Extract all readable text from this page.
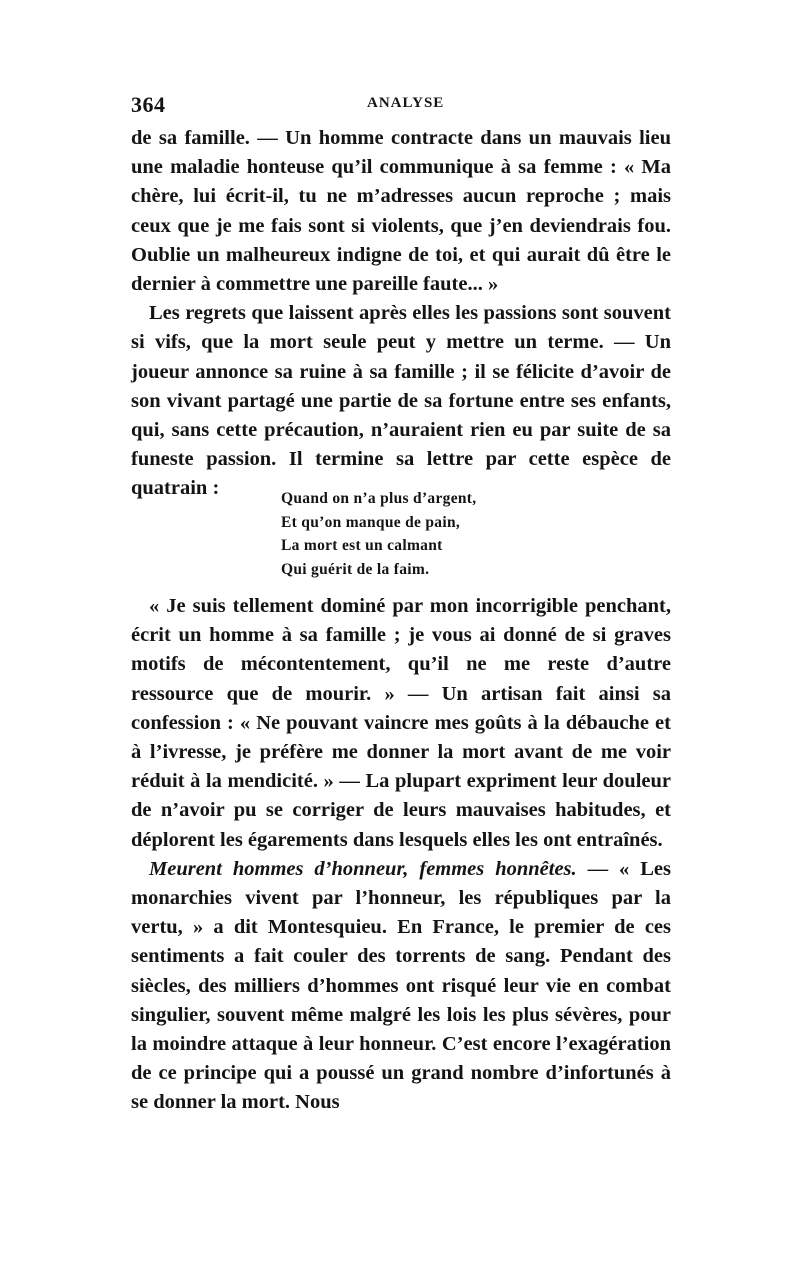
364	ANALYSE

de sa famille. — Un homme contracte dans un mauvais lieu une maladie honteuse qu’il communique à sa femme : « Ma chère, lui écrit-il, tu ne m’adresses aucun reproche ; mais ceux que je me fais sont si violents, que j’en deviendrais fou. Oublie un malheureux indigne de toi, et qui aurait dû être le dernier à commettre une pareille faute... »

Les regrets que laissent après elles les passions sont souvent si vifs, que la mort seule peut y mettre un terme. — Un joueur annonce sa ruine à sa famille ; il se félicite d’avoir de son vivant partagé une partie de sa fortune entre ses enfants, qui, sans cette précaution, n’auraient rien eu par suite de sa funeste passion. Il termine sa lettre par cette espèce de quatrain :	Quand on n’a plus d’argent,
Et qu’on manque de pain,
La mort est un calmant
Qui guérit de la faim.

« Je suis tellement dominé par mon incorrigible penchant, écrit un homme à sa famille ; je vous ai donné de si graves motifs de mécontentement, qu’il ne me reste d’autre ressource que de mourir. » — Un artisan fait ainsi sa confession : « Ne pouvant vaincre mes goûts à la débauche et à l’ivresse, je préfère me donner la mort avant de me voir réduit à la mendicité. » — La plupart expriment leur douleur de n’avoir pu se corriger de leurs mauvaises habitudes, et déplorent les égarements dans lesquels elles les ont entraînés.

Meurent hommes d’honneur, femmes honnêtes. — « Les monarchies vivent par l’honneur, les républiques par la vertu, » a dit Montesquieu. En France, le premier de ces sentiments a fait couler des torrents de sang. Pendant des siècles, des milliers d’hommes ont risqué leur vie en combat singulier, souvent même malgré les lois les plus sévères, pour la moindre attaque à leur honneur. C’est encore l’exagération de ce principe qui a poussé un grand nombre d’infortunés à se donner la mort. Nous
